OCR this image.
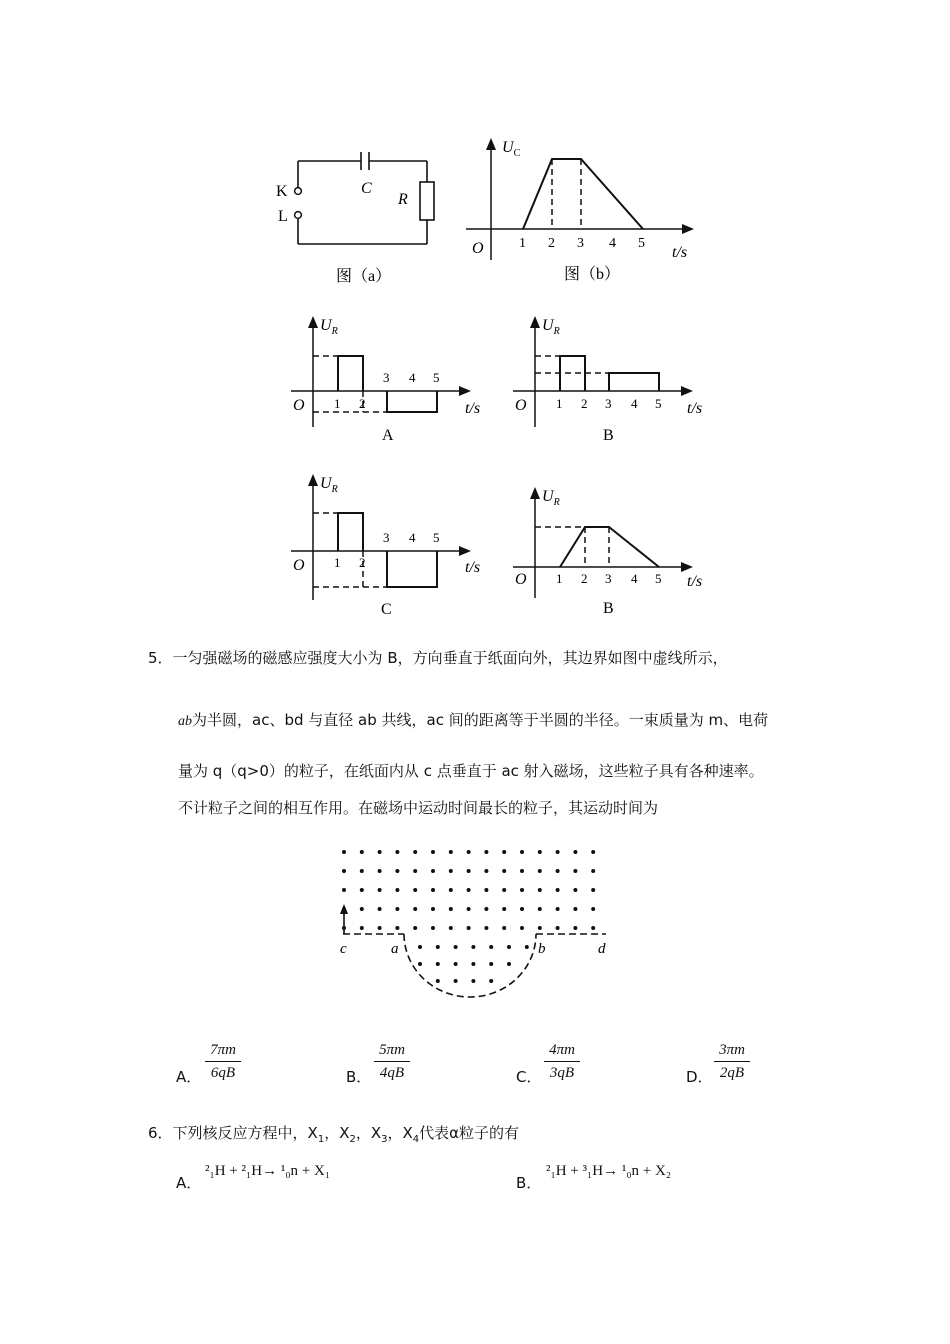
K
L
C
R
图（a）
$U_C$
O	1 2 3 4 5
t/s
图（b）
$U_R$
O 1 2
3 4 5
t/s
A
$U_R$
O 1 2 3 4 5 t/s
B
$U_R$
O 1 2
3 4 5
t/s
C
$U_R$
O 1 2 3 4 5 t/s
B
5．一匀强磁场的磁感应强度大小为 B，方向垂直于纸面向外，其边界如图中虚线所示，
ab为半圆，ac、bd 与直径 ab 共线，ac 间的距离等于半圆的半径。一束质量为 m、电荷
量为 q（q>0）的粒子，在纸面内从 c 点垂直于 ac 射入磁场，这些粒子具有各种速率。
不计粒子之间的相互作用。在磁场中运动时间最长的粒子，其运动时间为
c	a	b	d
A．
7πm
6qB	B．
5πm
4qB	C．
4πm
3qB	D．
3πm
2qB
6．下列核反应方程中，$X_1$，$X_2$，$X_3$，$X_4$代表α粒子的有
A．
²₁H + ²₁H→ ¹₀n + X₁
B．
²₁H + ³₁H→ ¹₀n + X₂
